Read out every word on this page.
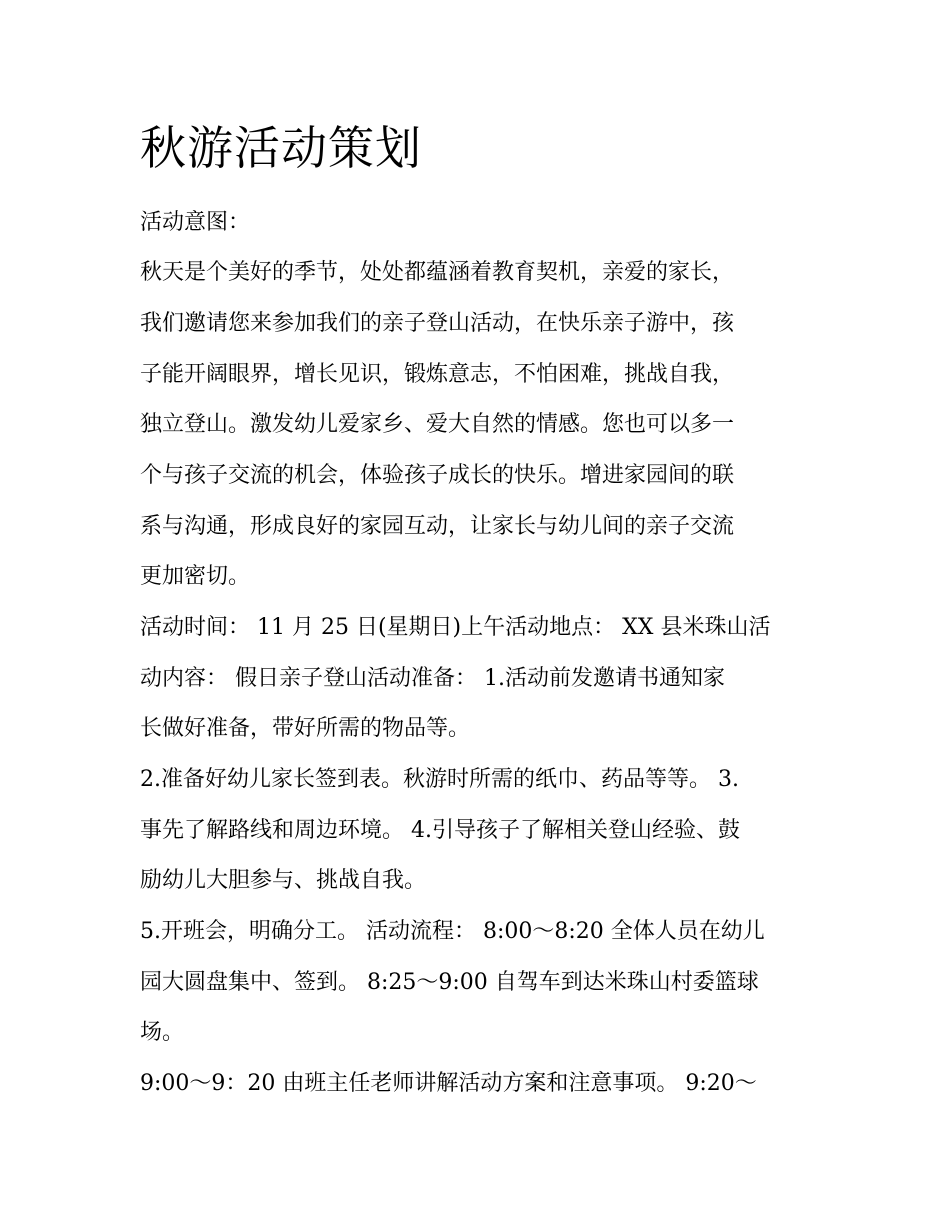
秋游活动策划

活动意图：

秋天是个美好的季节，处处都蕴涵着教育契机，亲爱的家长，

我们邀请您来参加我们的亲子登山活动，在快乐亲子游中，孩

子能开阔眼界，增长见识，锻炼意志，不怕困难，挑战自我，

独立登山。激发幼儿爱家乡、爱大自然的情感。您也可以多一

个与孩子交流的机会，体验孩子成长的快乐。增进家园间的联

系与沟通，形成良好的家园互动，让家长与幼儿间的亲子交流

更加密切。

活动时间： 11 月 25 日(星期日)上午活动地点： XX 县米珠山活

动内容： 假日亲子登山活动准备： 1.活动前发邀请书通知家

长做好准备，带好所需的物品等。

2.准备好幼儿家长签到表。秋游时所需的纸巾、药品等等。 3.

事先了解路线和周边环境。 4.引导孩子了解相关登山经验、鼓

励幼儿大胆参与、挑战自我。

5.开班会，明确分工。 活动流程： 8:00～8:20 全体人员在幼儿

园大圆盘集中、签到。 8:25～9:00 自驾车到达米珠山村委篮球

场。

9:00～9：20 由班主任老师讲解活动方案和注意事项。 9:20～
